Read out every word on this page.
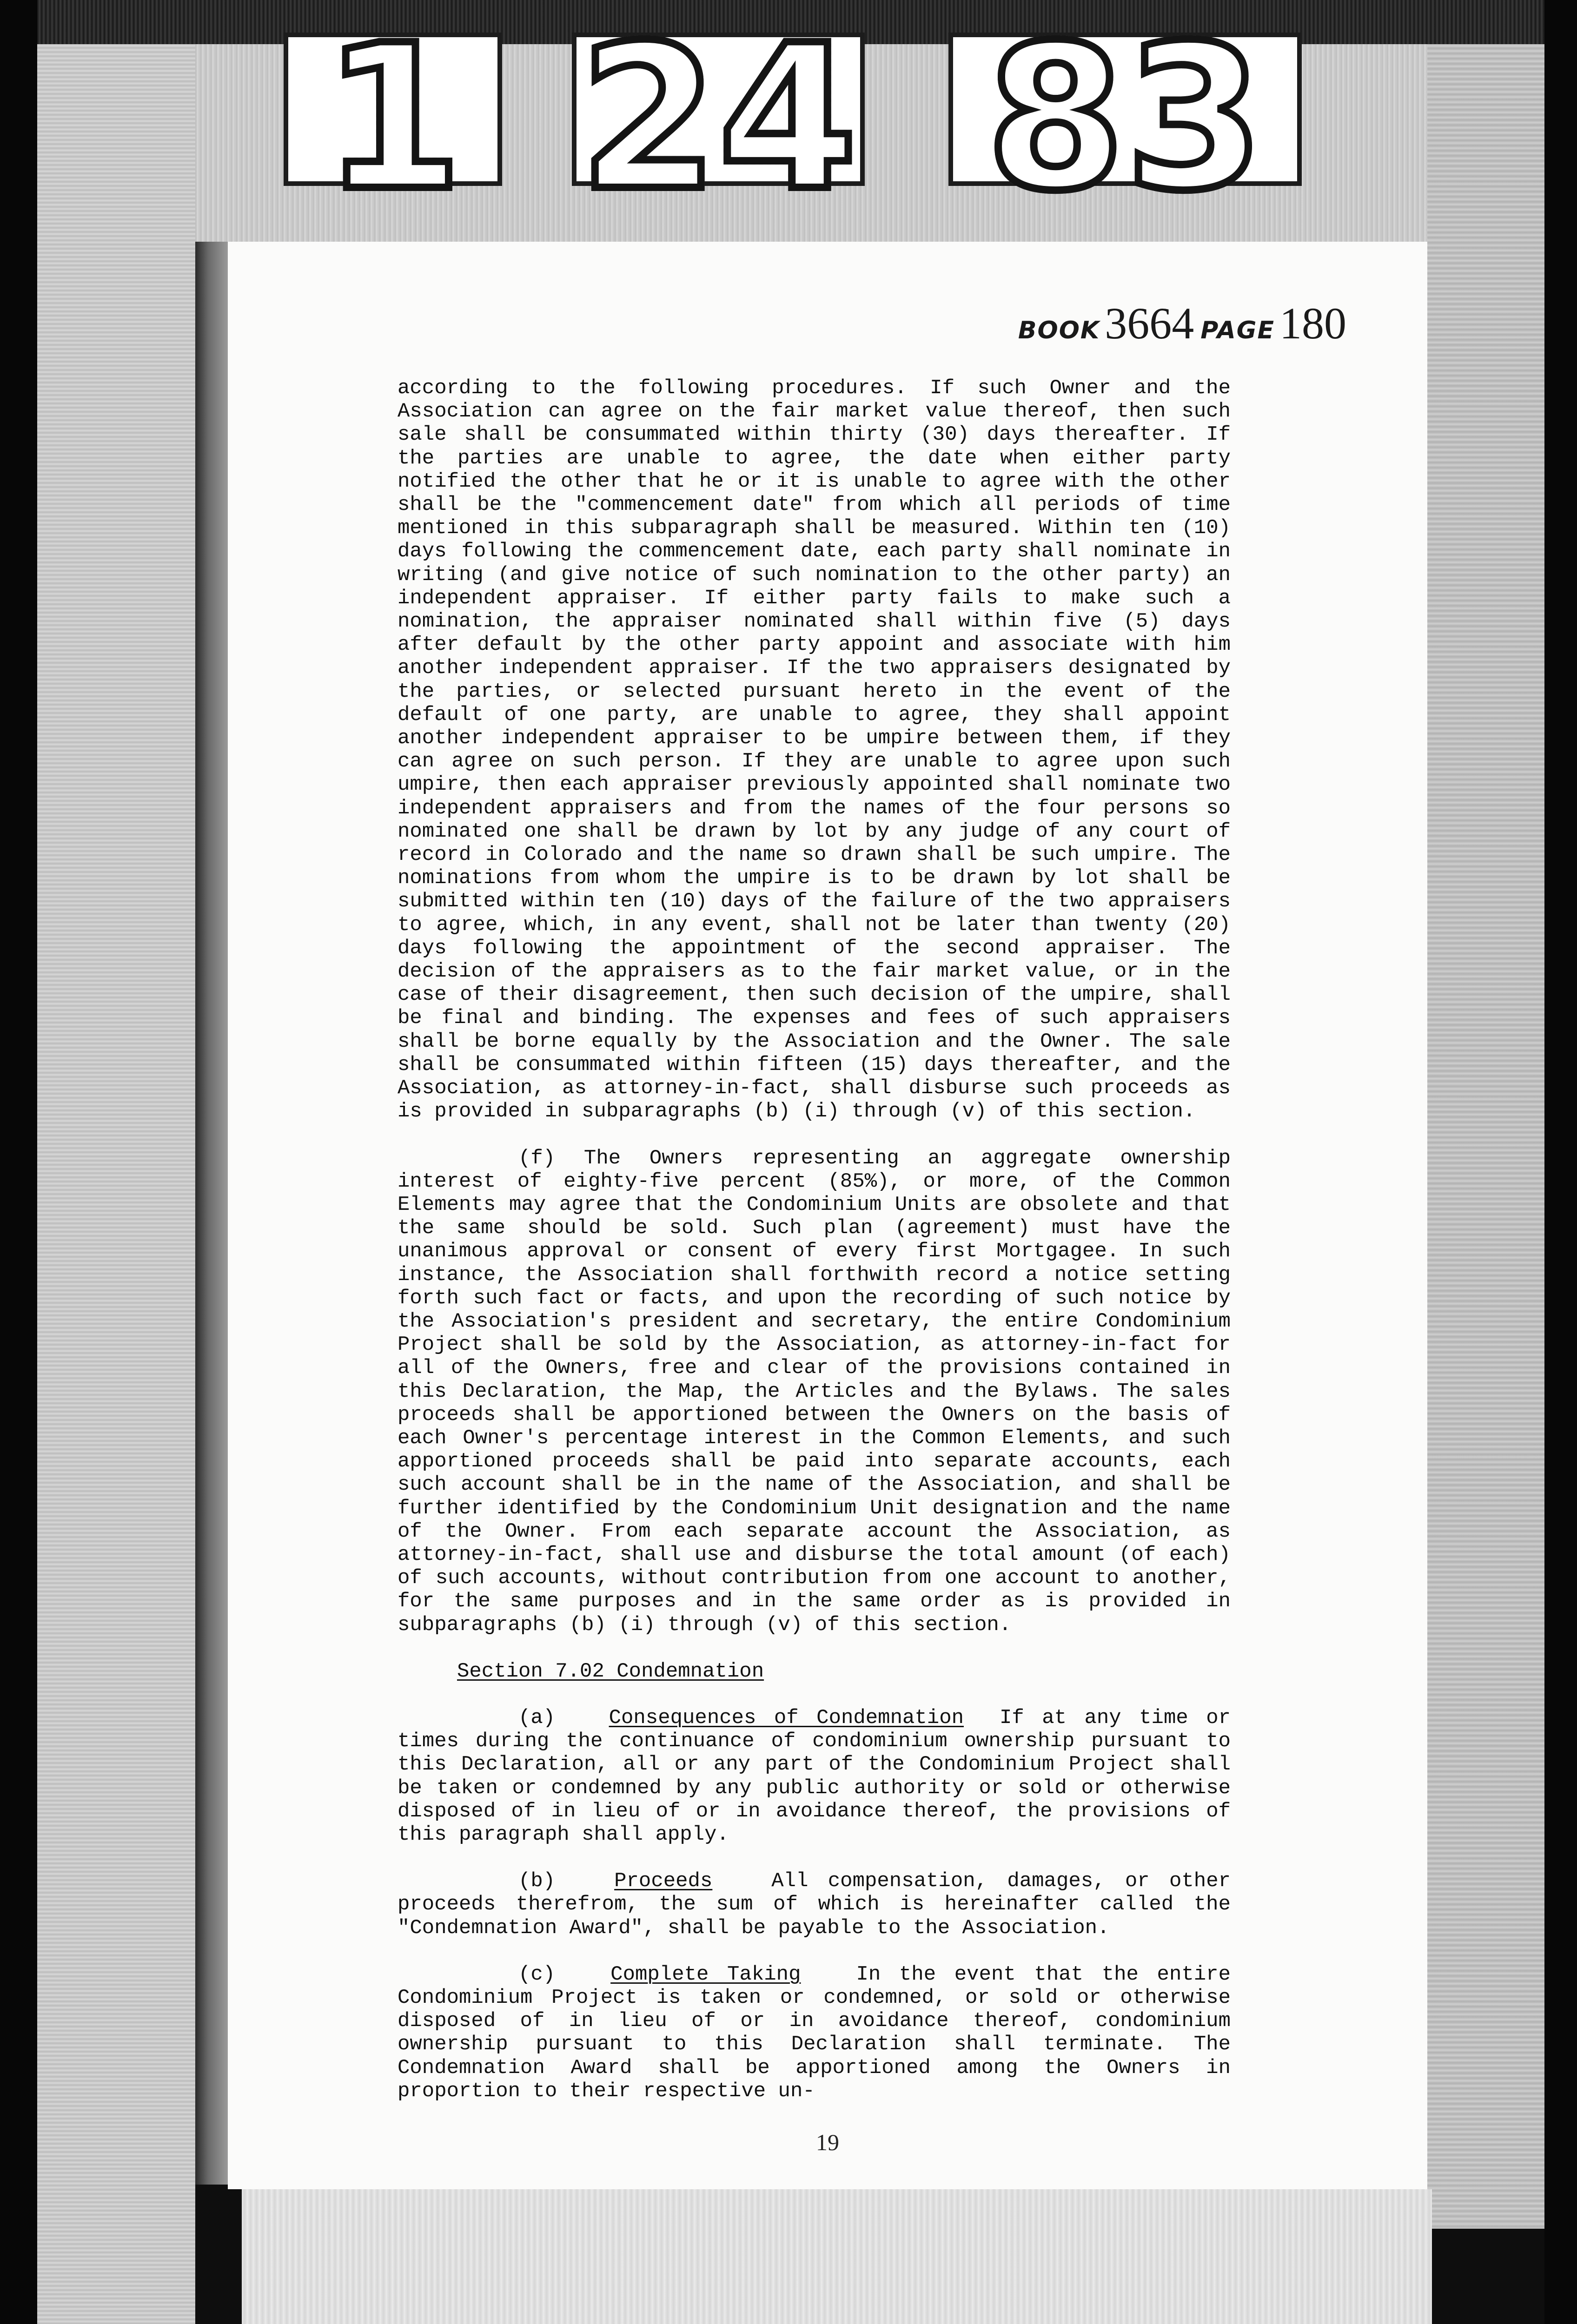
1 24 83
BOOK 3664 PAGE 180

according to the following procedures. If such Owner and the Association can agree on the fair market value thereof, then such sale shall be consummated within thirty (30) days thereafter. If the parties are unable to agree, the date when either party notified the other that he or it is unable to agree with the other shall be the "commencement date" from which all periods of time mentioned in this subparagraph shall be measured. Within ten (10) days following the commencement date, each party shall nominate in writing (and give notice of such nomination to the other party) an independent appraiser. If either party fails to make such a nomination, the appraiser nominated shall within five (5) days after default by the other party appoint and associate with him another independent appraiser. If the two appraisers designated by the parties, or selected pursuant hereto in the event of the default of one party, are unable to agree, they shall appoint another independent appraiser to be umpire between them, if they can agree on such person. If they are unable to agree upon such umpire, then each appraiser previously appointed shall nominate two independent appraisers and from the names of the four persons so nominated one shall be drawn by lot by any judge of any court of record in Colorado and the name so drawn shall be such umpire. The nominations from whom the umpire is to be drawn by lot shall be submitted within ten (10) days of the failure of the two appraisers to agree, which, in any event, shall not be later than twenty (20) days following the appointment of the second appraiser. The decision of the appraisers as to the fair market value, or in the case of their disagreement, then such decision of the umpire, shall be final and binding. The expenses and fees of such appraisers shall be borne equally by the Association and the Owner. The sale shall be consummated within fifteen (15) days thereafter, and the Association, as attorney-in-fact, shall disburse such proceeds as is provided in subparagraphs (b) (i) through (v) of this section.

(f) The Owners representing an aggregate ownership interest of eighty-five percent (85%), or more, of the Common Elements may agree that the Condominium Units are obsolete and that the same should be sold. Such plan (agreement) must have the unanimous approval or consent of every first Mortgagee. In such instance, the Association shall forthwith record a notice setting forth such fact or facts, and upon the recording of such notice by the Association's president and secretary, the entire Condominium Project shall be sold by the Association, as attorney-in-fact for all of the Owners, free and clear of the provisions contained in this Declaration, the Map, the Articles and the Bylaws. The sales proceeds shall be apportioned between the Owners on the basis of each Owner's percentage interest in the Common Elements, and such apportioned proceeds shall be paid into separate accounts, each such account shall be in the name of the Association, and shall be further identified by the Condominium Unit designation and the name of the Owner. From each separate account the Association, as attorney-in-fact, shall use and disburse the total amount (of each) of such accounts, without contribution from one account to another, for the same purposes and in the same order as is provided in subparagraphs (b) (i) through (v) of this section.

Section 7.02 Condemnation

(a)	Consequences of Condemnation If at any time or times during the continuance of condominium ownership pursuant to this Declaration, all or any part of the Condominium Project shall be taken or condemned by any public authority or sold or otherwise disposed of in lieu of or in avoidance thereof, the provisions of this paragraph shall apply.

(b)	Proceeds	All compensation, damages, or other proceeds therefrom, the sum of which is hereinafter called the "Condemnation Award", shall be payable to the Association.

(c)	Complete Taking	In the event that the entire Condominium Project is taken or condemned, or sold or otherwise disposed of in lieu of or in avoidance thereof, condominium ownership pursuant to this Declaration shall terminate. The Condemnation Award shall be apportioned among the Owners in proportion to their respective un-

19
